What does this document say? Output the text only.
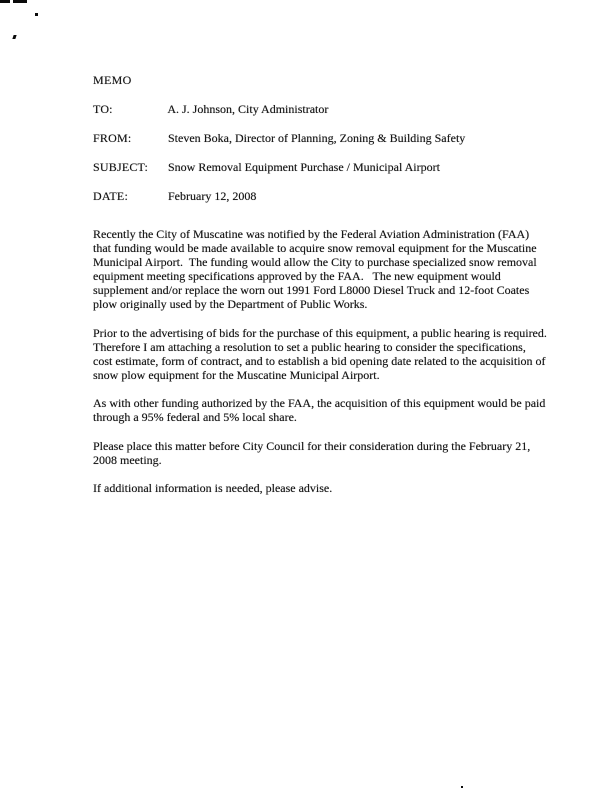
MEMO
TO:	A. J. Johnson, City Administrator
FROM:	Steven Boka, Director of Planning, Zoning & Building Safety
SUBJECT: Snow Removal Equipment Purchase / Municipal Airport
DATE:	February 12, 2008

Recently the City of Muscatine was notified by the Federal Aviation Administration (FAA) that funding would be made available to acquire snow removal equipment for the Muscatine Municipal Airport.  The funding would allow the City to purchase specialized snow removal equipment meeting specifications approved by the FAA.   The new equipment would supplement and/or replace the worn out 1991 Ford L8000 Diesel Truck and 12-foot Coates plow originally used by the Department of Public Works.

Prior to the advertising of bids for the purchase of this equipment, a public hearing is required.  Therefore I am attaching a resolution to set a public hearing to consider the specifications, cost estimate, form of contract, and to establish a bid opening date related to the acquisition of snow plow equipment for the Muscatine Municipal Airport.

As with other funding authorized by the FAA, the acquisition of this equipment would be paid through a 95% federal and 5% local share.

Please place this matter before City Council for their consideration during the February 21, 2008 meeting.

If additional information is needed, please advise.
